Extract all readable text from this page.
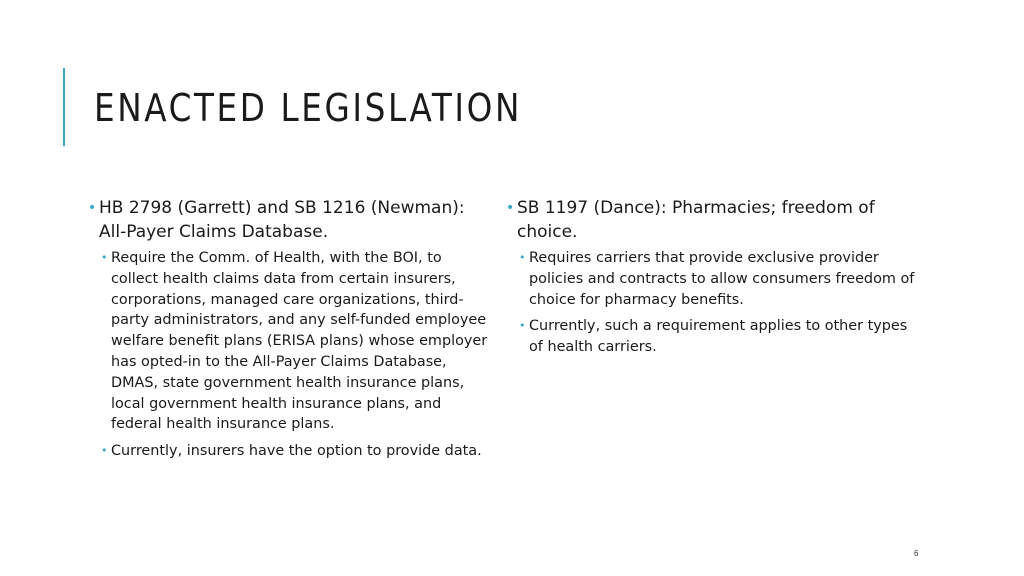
ENACTED LEGISLATION
• HB 2798 (Garrett) and SB 1216 (Newman): All-Payer Claims Database.
• Require the Comm. of Health, with the BOI, to collect health claims data from certain insurers, corporations, managed care organizations, third-party administrators, and any self-funded employee welfare benefit plans (ERISA plans) whose employer has opted-in to the All-Payer Claims Database, DMAS, state government health insurance plans, local government health insurance plans, and federal health insurance plans.
• Currently, insurers have the option to provide data.
• SB 1197 (Dance): Pharmacies; freedom of choice.
• Requires carriers that provide exclusive provider policies and contracts to allow consumers freedom of choice for pharmacy benefits.
• Currently, such a requirement applies to other types of health carriers.
6
